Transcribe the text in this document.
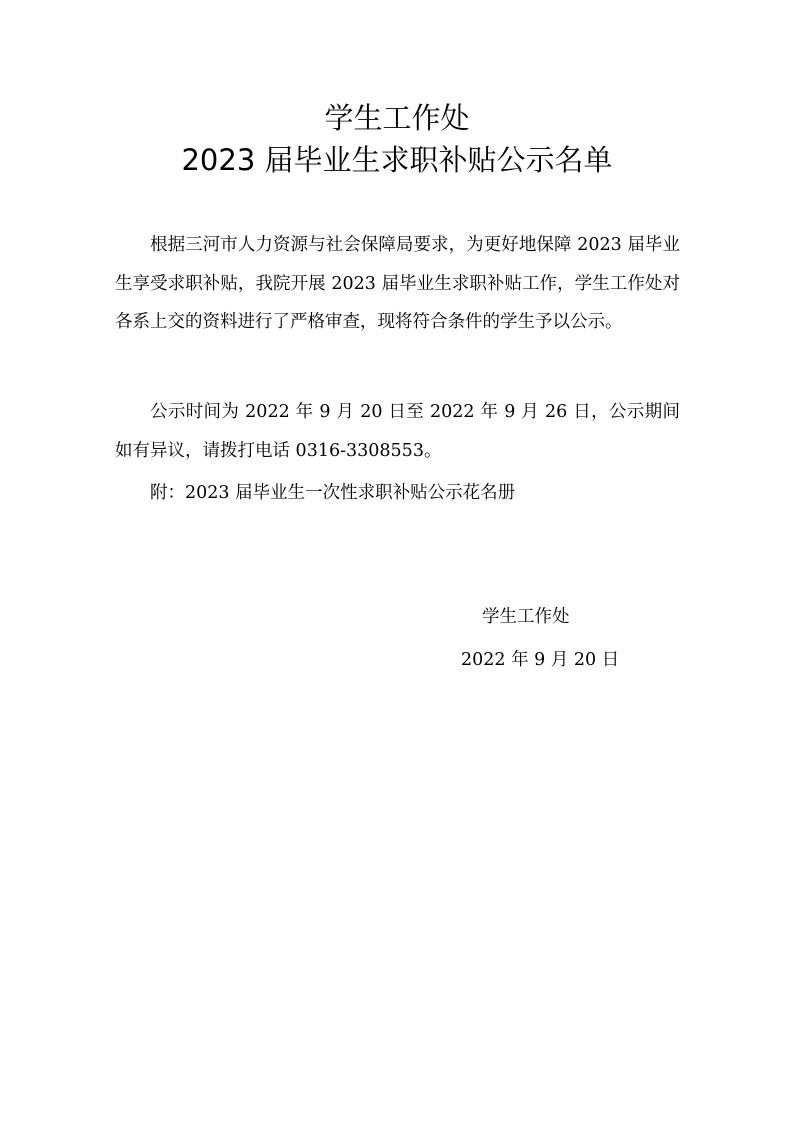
学生工作处
2023 届毕业生求职补贴公示名单
根据三河市人力资源与社会保障局要求，为更好地保障 2023 届毕业生享受求职补贴，我院开展 2023 届毕业生求职补贴工作，学生工作处对各系上交的资料进行了严格审查，现将符合条件的学生予以公示。
公示时间为 2022 年 9 月 20 日至 2022 年 9 月 26 日，公示期间如有异议，请拨打电话 0316-3308553。
附：2023 届毕业生一次性求职补贴公示花名册
学生工作处
2022 年 9 月 20 日
